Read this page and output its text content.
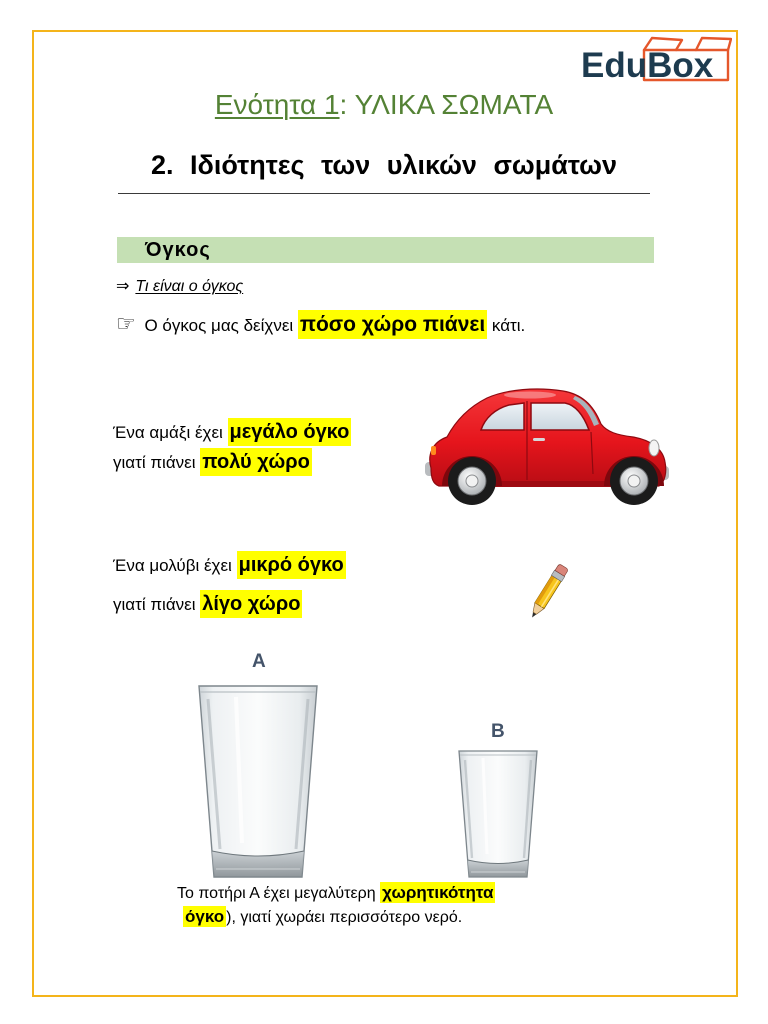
EduBox
Ενότητα 1: ΥΛΙΚΑ ΣΩΜΑΤΑ
2. Ιδιότητες των υλικών σωμάτων
Όγκος
⇒ Τι είναι ο όγκος
☞ Ο όγκος μας δείχνει πόσο χώρο πιάνει κάτι.
Ένα αμάξι έχει μεγάλο όγκο
γιατί πιάνει πολύ χώρο
Ένα μολύβι έχει μικρό όγκο
γιατί πιάνει λίγο χώρο
A
B
Το ποτήρι Α έχει μεγαλύτερη χωρητικότητα
όγκο ), γιατί χωράει περισσότερο νερό.
